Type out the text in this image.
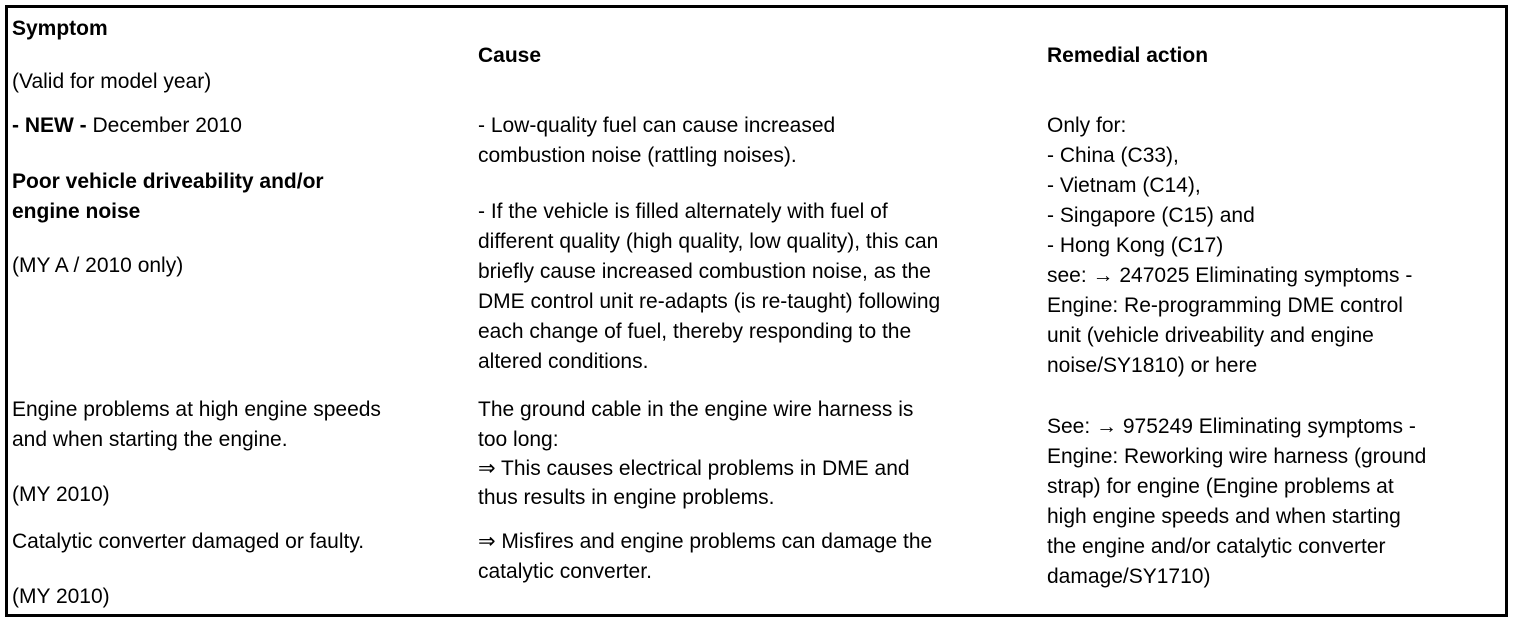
Symptom
(Valid for model year)
Cause	Remedial action
- NEW - December 2010
Poor vehicle driveability and/or
engine noise
(MY A / 2010 only)
- Low-quality fuel can cause increased
combustion noise (rattling noises).
- If the vehicle is filled alternately with fuel of
different quality (high quality, low quality), this can
briefly cause increased combustion noise, as the
DME control unit re-adapts (is re-taught) following
each change of fuel, thereby responding to the
altered conditions.
Only for:
- China (C33),
- Vietnam (C14),
- Singapore (C15) and
- Hong Kong (C17)
see: → 247025 Eliminating symptoms -
Engine: Re-programming DME control
unit (vehicle driveability and engine
noise/SY1810) or here
Engine problems at high engine speeds
and when starting the engine.
(MY 2010)
The ground cable in the engine wire harness is
too long:
⇒ This causes electrical problems in DME and
thus results in engine problems.
Catalytic converter damaged or faulty.
(MY 2010)
⇒ Misfires and engine problems can damage the
catalytic converter.
See: → 975249 Eliminating symptoms -
Engine: Reworking wire harness (ground
strap) for engine (Engine problems at
high engine speeds and when starting
the engine and/or catalytic converter
damage/SY1710)
